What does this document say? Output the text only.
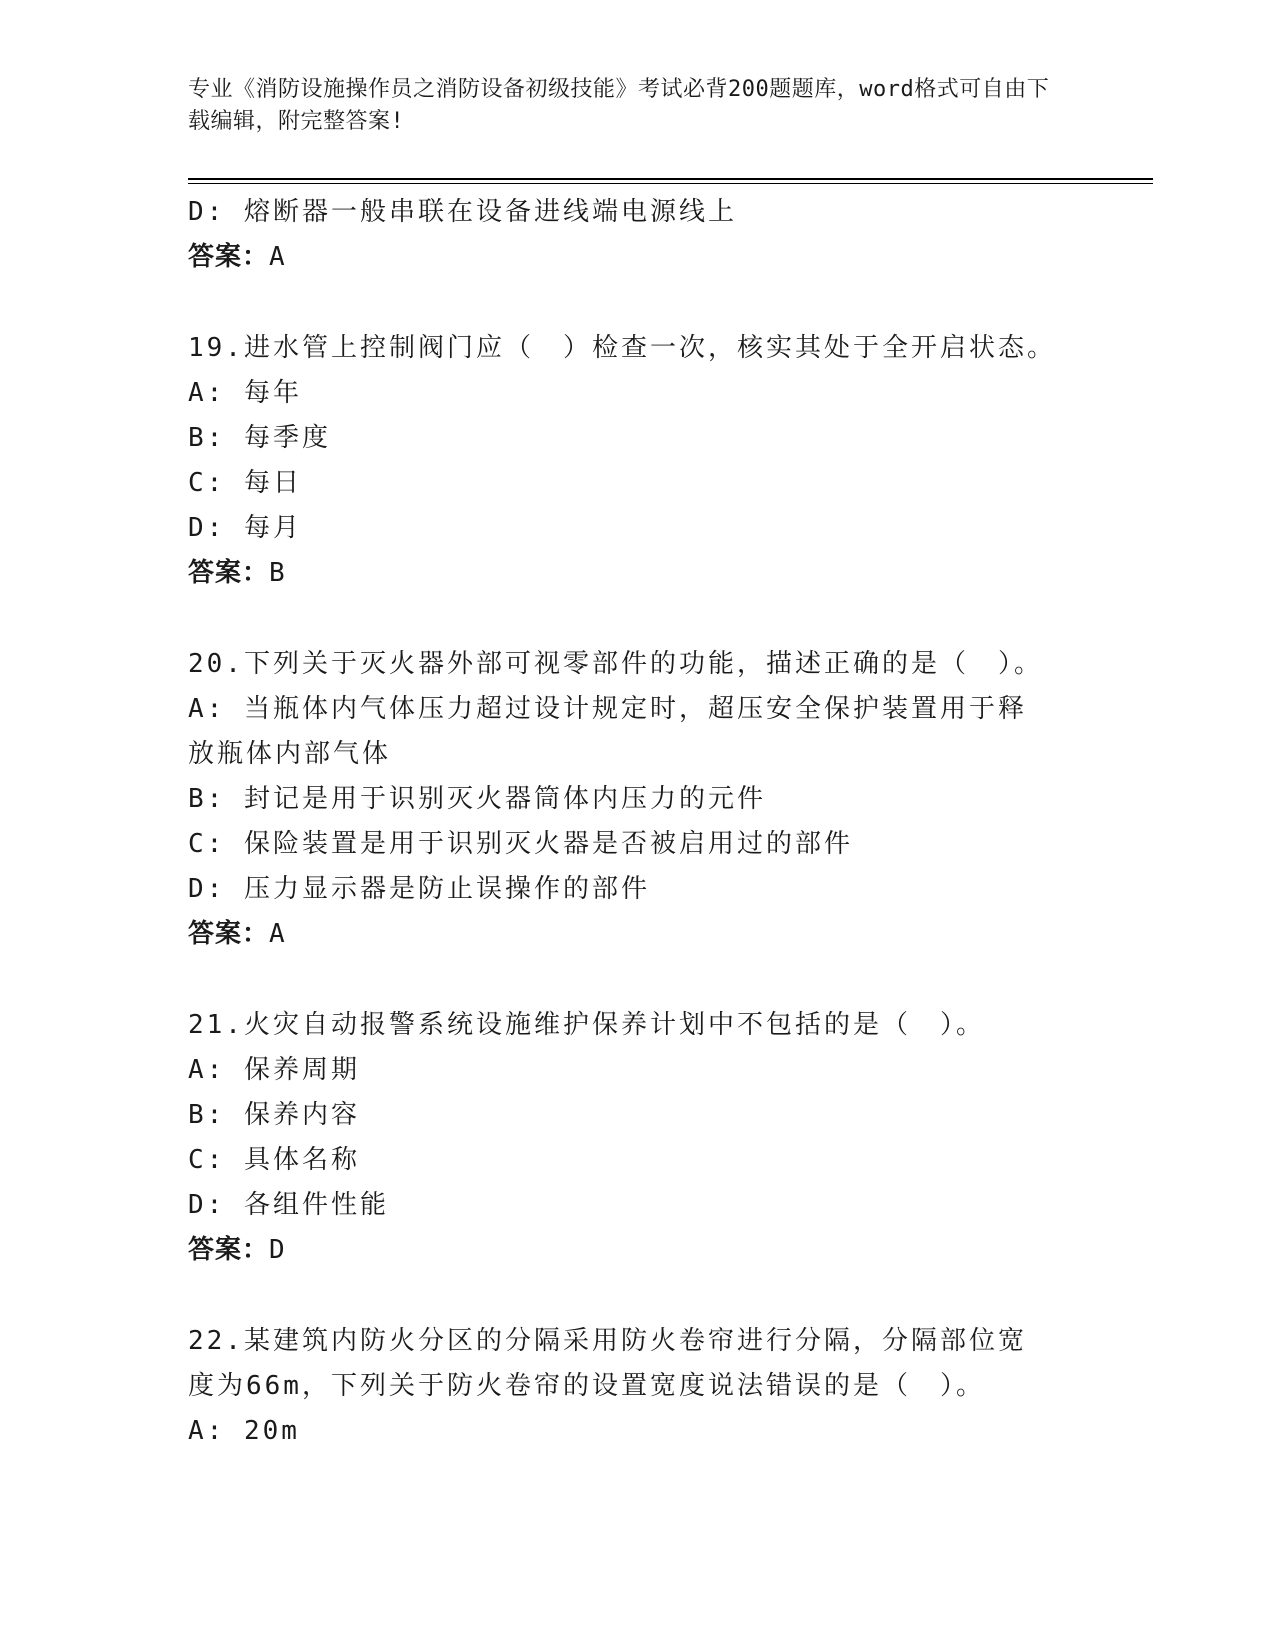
专业《消防设施操作员之消防设备初级技能》考试必背200题题库，word格式可自由下载编辑，附完整答案!
D: 熔断器一般串联在设备进线端电源线上
答案：A
19.进水管上控制阀门应（　）检查一次，核实其处于全开启状态。
A: 每年
B: 每季度
C: 每日
D: 每月
答案：B
20.下列关于灭火器外部可视零部件的功能，描述正确的是（　）。
A: 当瓶体内气体压力超过设计规定时，超压安全保护装置用于释放瓶体内部气体
B: 封记是用于识别灭火器筒体内压力的元件
C: 保险装置是用于识别灭火器是否被启用过的部件
D: 压力显示器是防止误操作的部件
答案：A
21.火灾自动报警系统设施维护保养计划中不包括的是（　）。
A: 保养周期
B: 保养内容
C: 具体名称
D: 各组件性能
答案：D
22.某建筑内防火分区的分隔采用防火卷帘进行分隔，分隔部位宽度为66m，下列关于防火卷帘的设置宽度说法错误的是（　）。
A: 20m
